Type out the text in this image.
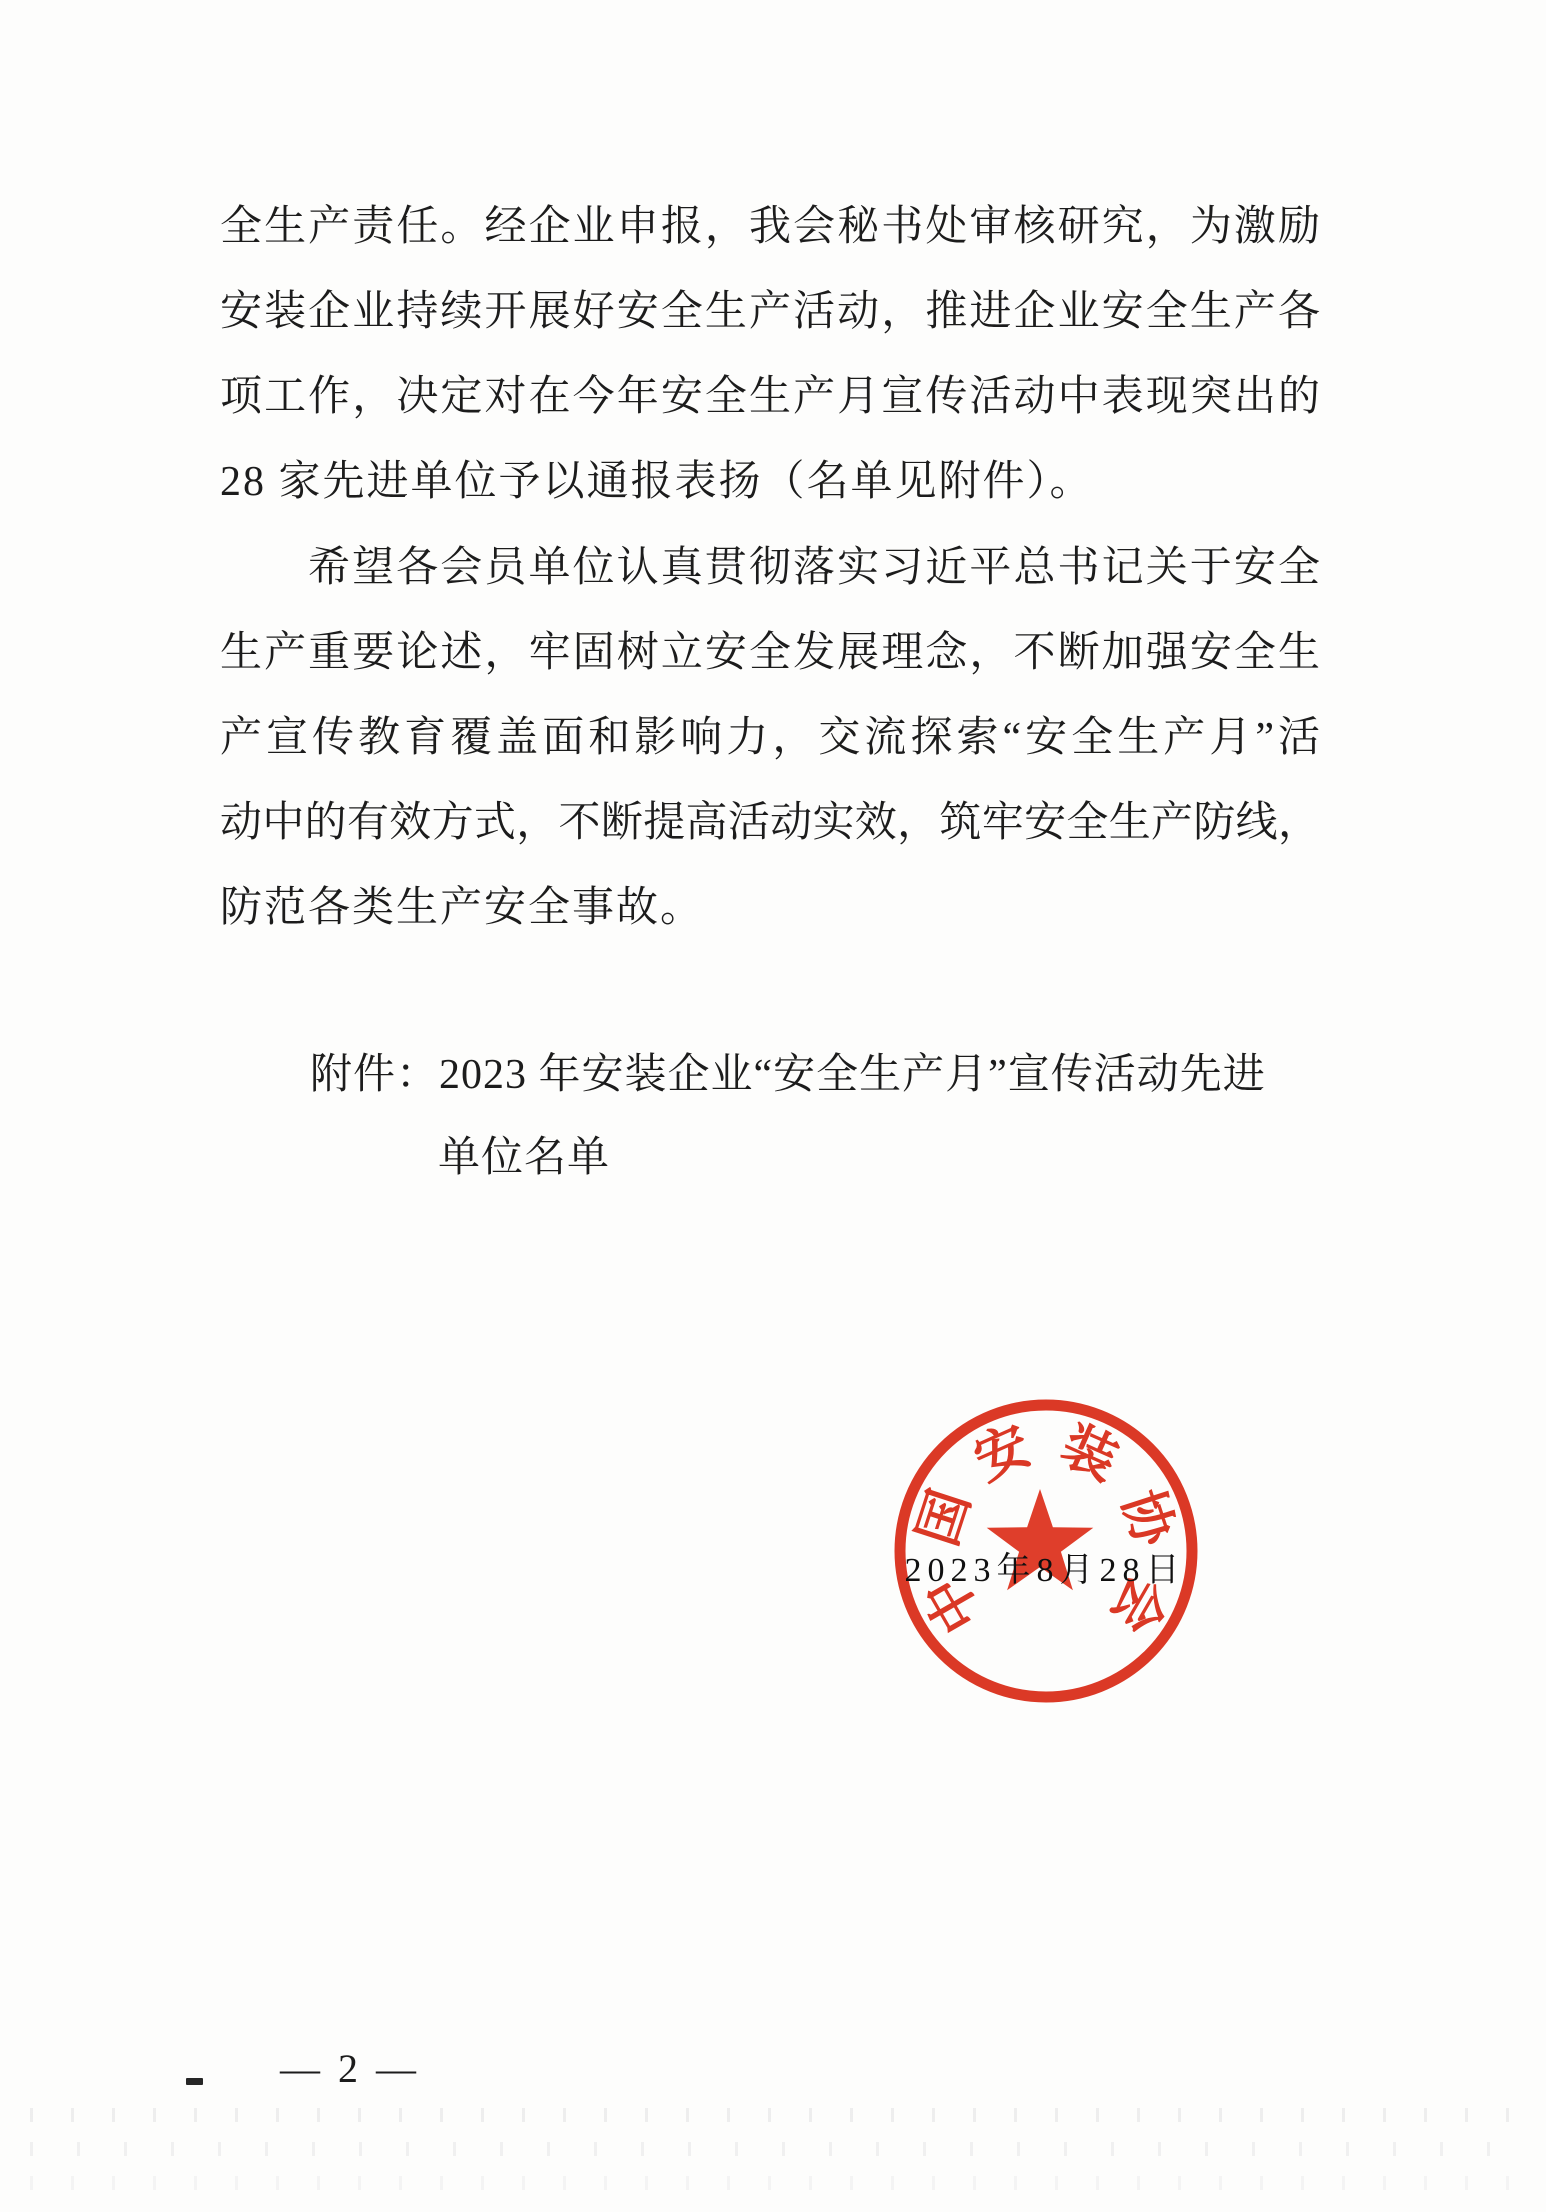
全生产责任。经企业申报，我会秘书处审核研究，为激励
安装企业持续开展好安全生产活动，推进企业安全生产各
项工作，决定对在今年安全生产月宣传活动中表现突出的
28 家先进单位予以通报表扬（名单见附件）。
希望各会员单位认真贯彻落实习近平总书记关于安全
生产重要论述，牢固树立安全发展理念，不断加强安全生
产宣传教育覆盖面和影响力，交流探索“安全生产月”活
动中的有效方式，不断提高活动实效，筑牢安全生产防线，
防范各类生产安全事故。
附件：2023 年安装企业“安全生产月”宣传活动先进
单位名单
中
国
安 装
协
会
2023年8月28日
— 2 —
